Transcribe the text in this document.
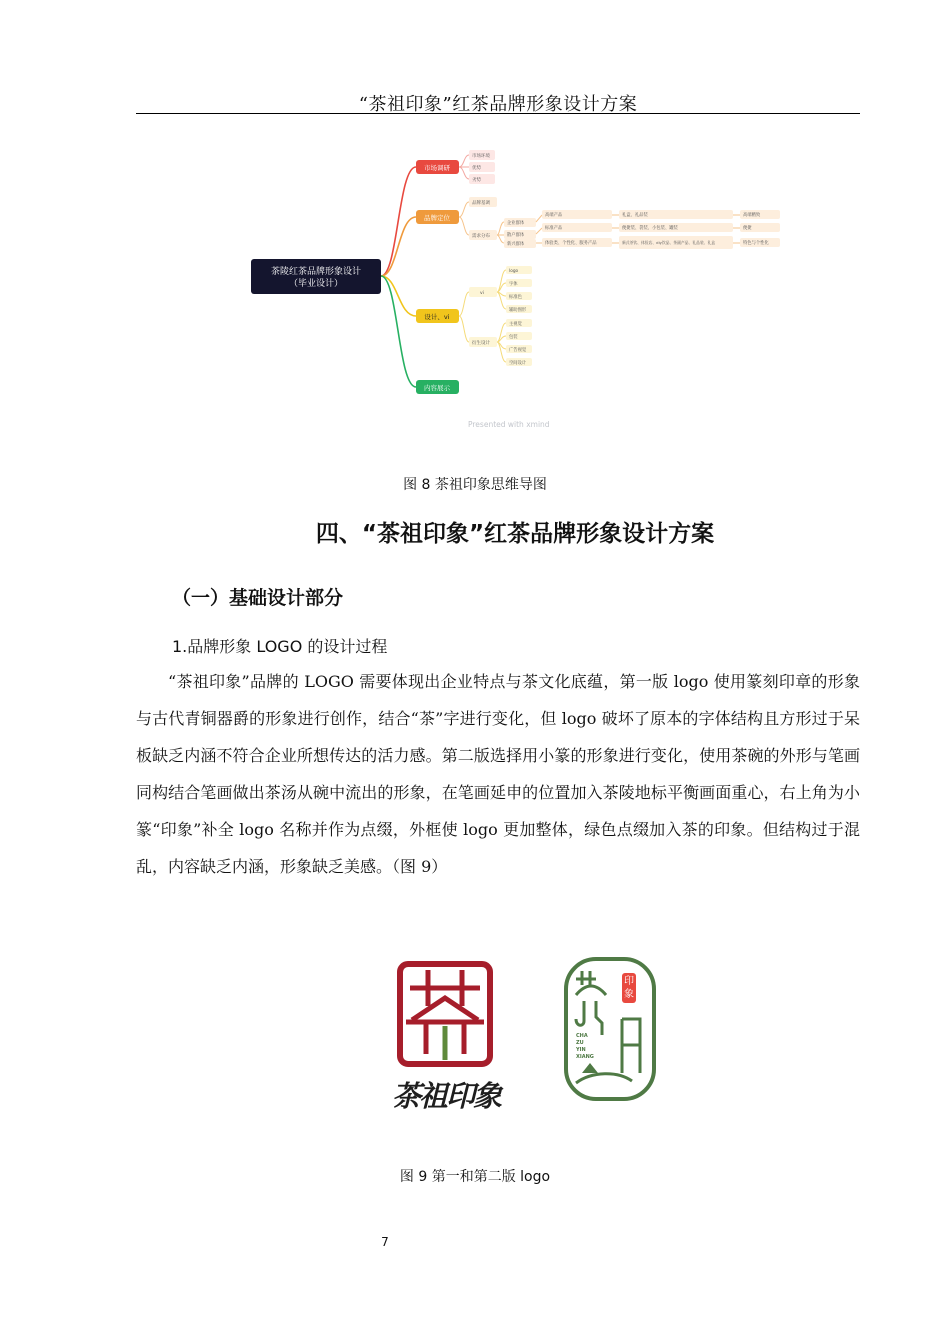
“茶祖印象”红茶品牌形象设计方案
茶陵红茶品牌形象设计
（毕业设计）
市场调研
品牌定位
设计、vi
内容展示
市场环境
优势
劣势
品牌基调
需求分布
企业群体
散户群体
新兴群体
高端产品
标准产品
体验类、个性化、服务产品
礼盒、礼品装
便捷装、袋装、小包装、罐装
新式茶饮、体验店、diy饮品、茶副产品、礼品装、礼盒
高端精致
便捷
特色与个性化
vi
衍生设计
logo
字体
标准色
辅助图形
主视觉
包装
广告视觉
空间设计
Presented with xmind
图 8 茶祖印象思维导图
四、“茶祖印象”红茶品牌形象设计方案
（一）基础设计部分
1.品牌形象 LOGO 的设计过程

“茶祖印象”品牌的 LOGO 需要体现出企业特点与茶文化底蕴，第一版 logo 使用篆刻印章的形象与古代青铜器爵的形象进行创作，结合“茶”字进行变化，但 logo 破坏了原本的字体结构且方形过于呆板缺乏内涵不符合企业所想传达的活力感。第二版选择用小篆的形象进行变化，使用茶碗的外形与笔画同构结合笔画做出茶汤从碗中流出的形象，在笔画延申的位置加入茶陵地标平衡画面重心，右上角为小篆“印象”补全 logo 名称并作为点缀，外框使 logo 更加整体，绿色点缀加入茶的印象。但结构过于混乱，内容缺乏内涵，形象缺乏美感。（图 9）

茶祖印象
印象
CHA
ZU
YIN
XIANG
图 9 第一和第二版 logo
7
